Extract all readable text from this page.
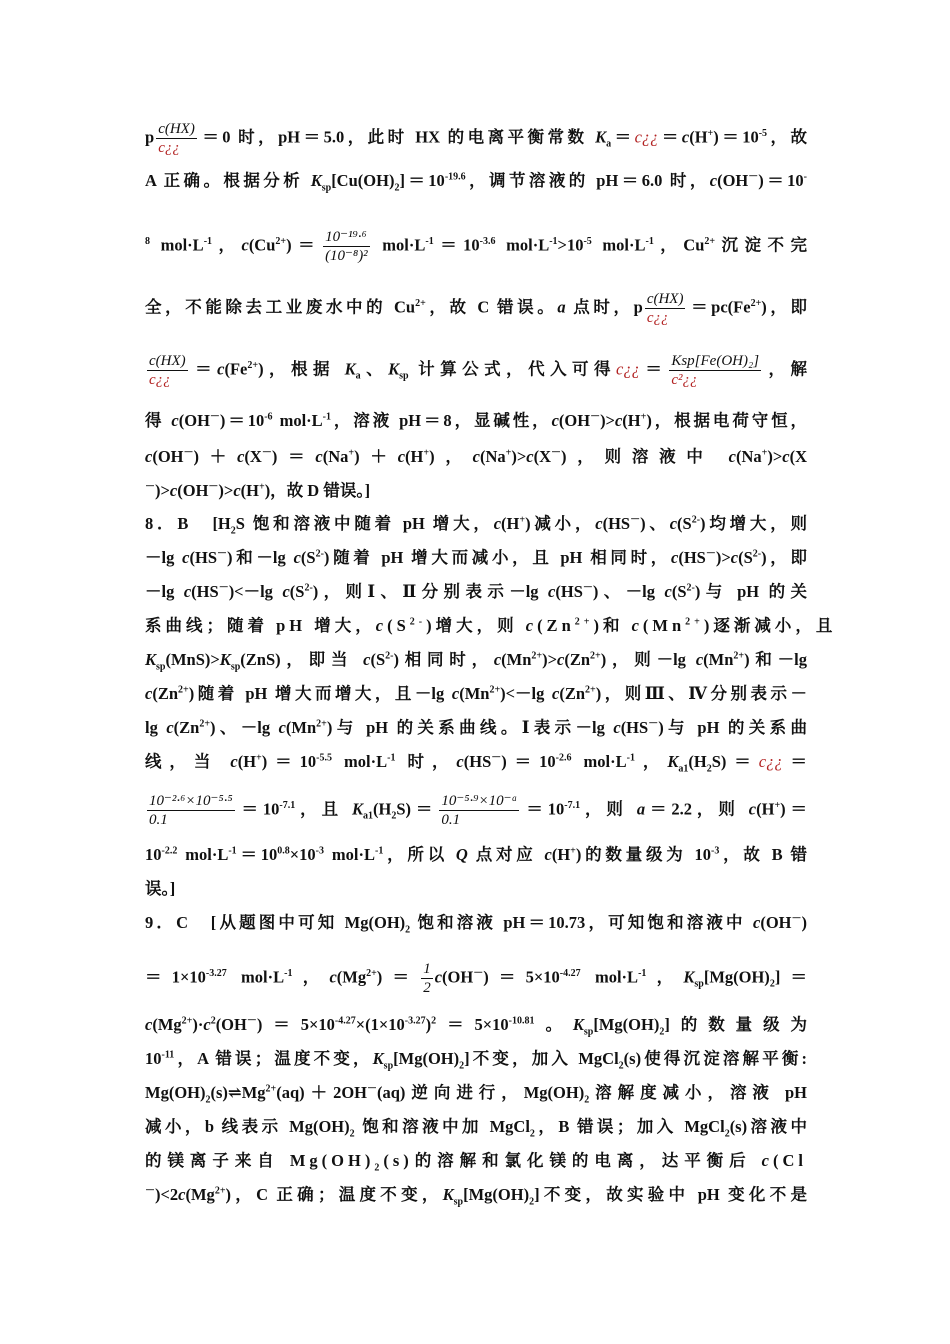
p $\frac{c(HX)}{c¿¿} =0$ 时，pH＝5.0，此时 HX 的电离平衡常数 $K_a=c¿¿=c(H^+)=10^{-5}$，故
A 正确。根据分析 $K_{sp}[Cu(OH)_2]=10^{-19.6}$，调节溶液的 pH＝6.0 时，c(OH－)＝10-
$^8$ $mol\cdot L^{-1}$，$c(Cu^{2+})= \frac{\text{10⁻¹⁹·⁶}}{\text{(10⁻⁸)²}} mol\cdot L^{-1}=10^{-3.6}$ $mol\cdot L^{-1}>10^{-5}$ $mol\cdot L^{-1}$，$Cu^{2+}$沉淀不完
全，不能除去工业废水中的 $Cu^{2+}$，故 C 错误。a 点时，p $\frac{c(HX)}{c¿¿} =pc(Fe^{2+})$，即
$\frac{c(HX)}{c¿¿} =c(Fe^{2+})$，根据 $K_a$、$K_{sp}$ 计算公式，代入可得c¿¿＝ $\frac{\text{Ksp[Fe(OH)₂]}}{\text{c²¿¿}}$ ，解
得 $c(OH^-)=10^{-6}$ $mol\cdot L^{-1}$，溶液 pH＝8，显碱性，c(OH－)>c(H+)，根据电荷守恒，
c(OH－)＋c(X－)＝c(Na+)＋c(H+)，c(Na+)>c(X－)，则溶液中 c(Na+)>c(X
－)>c(OH－)>c(H+)，故 D 错误。]
8．B　[$H_2S$ 饱和溶液中随着 pH 增大，c(H+)减小，c(HS－)、$c(S^{2-})$均增大，则
－lg c(HS－)和－lg $c(S^{2-})$随着 pH 增大而减小，且 pH 相同时，$c(HS^-)>c(S^{2-})$，即
－lg c(HS－)<－lg $c(S^{2-})$，则Ⅰ、Ⅱ分别表示－lg c(HS－)、－lg $c(S^{2-})$与 pH 的关
系曲线；随着 pH 增大，$c(S^{2-})$增大，则 $c(Zn^{2+})$和 $c(Mn^{2+})$逐渐减小，且
$K_{sp}(MnS)>K_{sp}(ZnS)$，即当 $c(S^{2-})$相同时，$c(Mn^{2+})>c(Zn^{2+})$，则－lg $c(Mn^{2+})$和－lg
$c(Zn^{2+})$随着 pH 增大而增大，且－lg $c(Mn^{2+})<-\lg$ $c(Zn^{2+})$，则Ⅲ、Ⅳ分别表示－
$\lg c(Zn^{2+})$、－lg $c(Mn^{2+})$与 pH 的关系曲线。Ⅰ表示－lg c(HS－)与 pH 的关系曲
线，当 $c(H^+)=10^{-5.5}$ $mol\cdot L^{-1}$ 时，$c(HS^-)=10^{-2.6}$ $mol\cdot L^{-1}$，$K_{a1}(H_2S)=c¿¿=$
$\frac{\text{10⁻²·⁶×10⁻⁵·⁵}}{0.1} =10^{-7.1}$，且 $K_{a1}(H_2S)= \frac{\text{10⁻⁵·⁹×10⁻ᵃ}}{0.1} =10^{-7.1}$，则 a＝2.2，则 c(H+)＝
$10^{-2.2}$ $mol\cdot L^{-1}=10^{0.8}\times 10^{-3}$ $mol\cdot L^{-1}$，所以 Q 点对应 c(H+)的数量级为 $10^{-3}$，故 B 错
误。]
9．C　[从题图中可知 $Mg(OH)_2$ 饱和溶液 pH＝10.73，可知饱和溶液中 c(OH－)
$=1\times 10^{-3.27}$ $mol\cdot L^{-1}$，$c(Mg^{2+})= \frac{1}{2} c(OH^-)=5\times 10^{-4.27}$ $mol\cdot L^{-1}$，$K_{sp}[Mg(OH)_2]=$
$c(Mg^{2+})\cdot c^2(OH^-)=5\times 10^{-4.27}\times(1\times 10^{-3.27})^2=5\times 10^{-10.81}$。$K_{sp}[Mg(OH)_2]$的数量级为
$10^{-11}$，A 错误；温度不变，$K_{sp}[Mg(OH)_2]$不变，加入 MgCl$_2$(s)使得沉淀溶解平衡:
$Mg(OH)_2(s)\rightleftharpoons Mg^{2+}(aq)+2OH^-(aq)$逆向进行，$Mg(OH)_2$溶解度减小，溶液 pH
减小，b 线表示 $Mg(OH)_2$ 饱和溶液中加 MgCl$_2$，B 错误；加入 MgCl$_2$(s)溶液中
的镁离子来自 $Mg(OH)_2(s)$的溶解和氯化镁的电离，达平衡后 c(Cl
$^-)<2c(Mg^{2+})$，C 正确；温度不变，$K_{sp}[Mg(OH)_2]$不变，故实验中 pH 变化不是
